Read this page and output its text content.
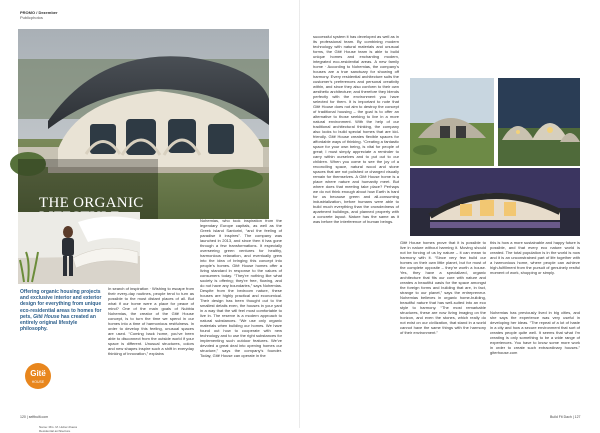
PROMO / Dezember
Publicphotos
THE ORGANIC
Name: Mrs. M. Huber-Ruess
Residential architecture
Offering organic housing projects and exclusive interior and exterior design for everything from unique eco-residential areas to homes for pets, Gitë House has created an entirely original lifestyle philosophy.
Gitë
HOUSE

In search of inspiration · Wishing to escape from their every-day routines, people tend to turn as possible to the most distant places of all. But what if our home were a place for peace of mind? One of the main goals of Nubbia Nohemias, the creator of the Gitë House concept, is to turn the time we spend in our homes into a time of harmonious restfulness. In order to develop this feeling, unusual spaces are used. “Coming back home, you’ve been able to disconnect from the outside world if your space is different. Unusual structures, colors and new shapes inspire such a shift in everyday thinking of innovation,” explains

Nohemias, who took inspiration from the legendary Europe capitals, as well as the Greek island Santorini, “and the feeling of paradise it inspires”. The company was launched in 2013, and since then it has gone through a few transformations. It especially overseeing green ventures for healthy, harmonious relaxation, and eventually grew into the idea of bringing this concept into people’s homes. Gitë House homes offer a living standard in response to the values of consumers today. “They’re nothing like what society is offering; they’re free, flowing, and do not have any boundaries,” says Nohemias. Despite from the bedroom nature, these houses are highly practical and economical. Their design has been thought out to the smallest details even, the houses in your yard in a way that the will feel most comfortable to live in. The reserve is a modern approach to natural substances. “We use only organic materials when building our homes. We have found out how to cooperate with new technology and to use the right substances for implementing such outdoor features. We’ve devoted a great deal into opening homes our structure,” says the company’s founder. Today, Gitë House can operate in the

120 | selfbuilt.com

successful system it has developed as well as in its professional team. By combining modern technology with natural materials and unusual forms, the Gitë House team is able to build unique homes and enchanting modern, integrated eco-residential areas. A new family home · According to Nohemias, the company’s houses are a true sanctuary for showing off harmony. Every residential architecture suits the customer’s preferences and personal creativity within, and since they also conform to their own aesthetic architecture; and therefore they blends perfectly with the environment you have selected for them. It is important to note that Gitë House does not aim to destroy the concept of traditional housing – the goal is to offer an alternative to those seeking to live in a more natural environment. With the help of our traditional architectural thinking, the company also looks to build special homes that are kid-friendly. Gitë House creates flexible spaces for affordable ways of thinking. “Creating a fantastic space for your own being, is vital for people of great; I must simply appreciate a reminder to carry within ourselves and to put out to our children. When you come to see the joy of a reconciling space, natural wood and stone spaces that are not polished or changed visually remain for themselves. A Gitë House home is a place where nature and humanity meet. But where does that meeting take place? Perhaps we do not think enough about how Earth is hard for us because green and all-consuming industrialization, before humans were able to build much everything than the crowdedness of apartment buildings, and planned property with a concrete layout. Nature has the same as it was before the interference of human beings.

Gitë House homes prove that it is possible to live in nature without harming it. Moving should not be forcing of us by nature – it can mean to harmony with it. “Since very few build our homes on their own little planet, but for most of the complete opposite – they’re worth a house. Yes, they have a specialized, organic architecture that fits our core with nature and creates a beautiful oasis for the space amongst the foreign forms and building that are, in fact, strange to our planet,” says the entrepreneur. Nohemias believes in organic home-building, beautiful nature that has well-suited into an eco style to harmony. “The most remarkable structures, these are now living imaging on the horizon, and even the stones, which really do not exist on our civilization, that stand in a world cannot have the same things with the harmony of their environment.”

this is how a more sustainable and happy future is possible, and that every eco nature world is created. The total population is in the world is now and it is an unconstrained part of life together with a harmonious home, where people can achieve high-fulfillment from the pursuit of genuinely restful moment of work, shopping or simply.

Nohemias has previously lived in big cities, and she says the experience was very useful in developing her ideas. “The repeat of a lot of haste in a city and how a secure environment that sort of creates people quite well. It seems that what I’m creating is only something to be a wide range of experiences. You have to know some more work in order to create such extraordinary houses.” giterhouse.com

Build Fit Dach | 127
